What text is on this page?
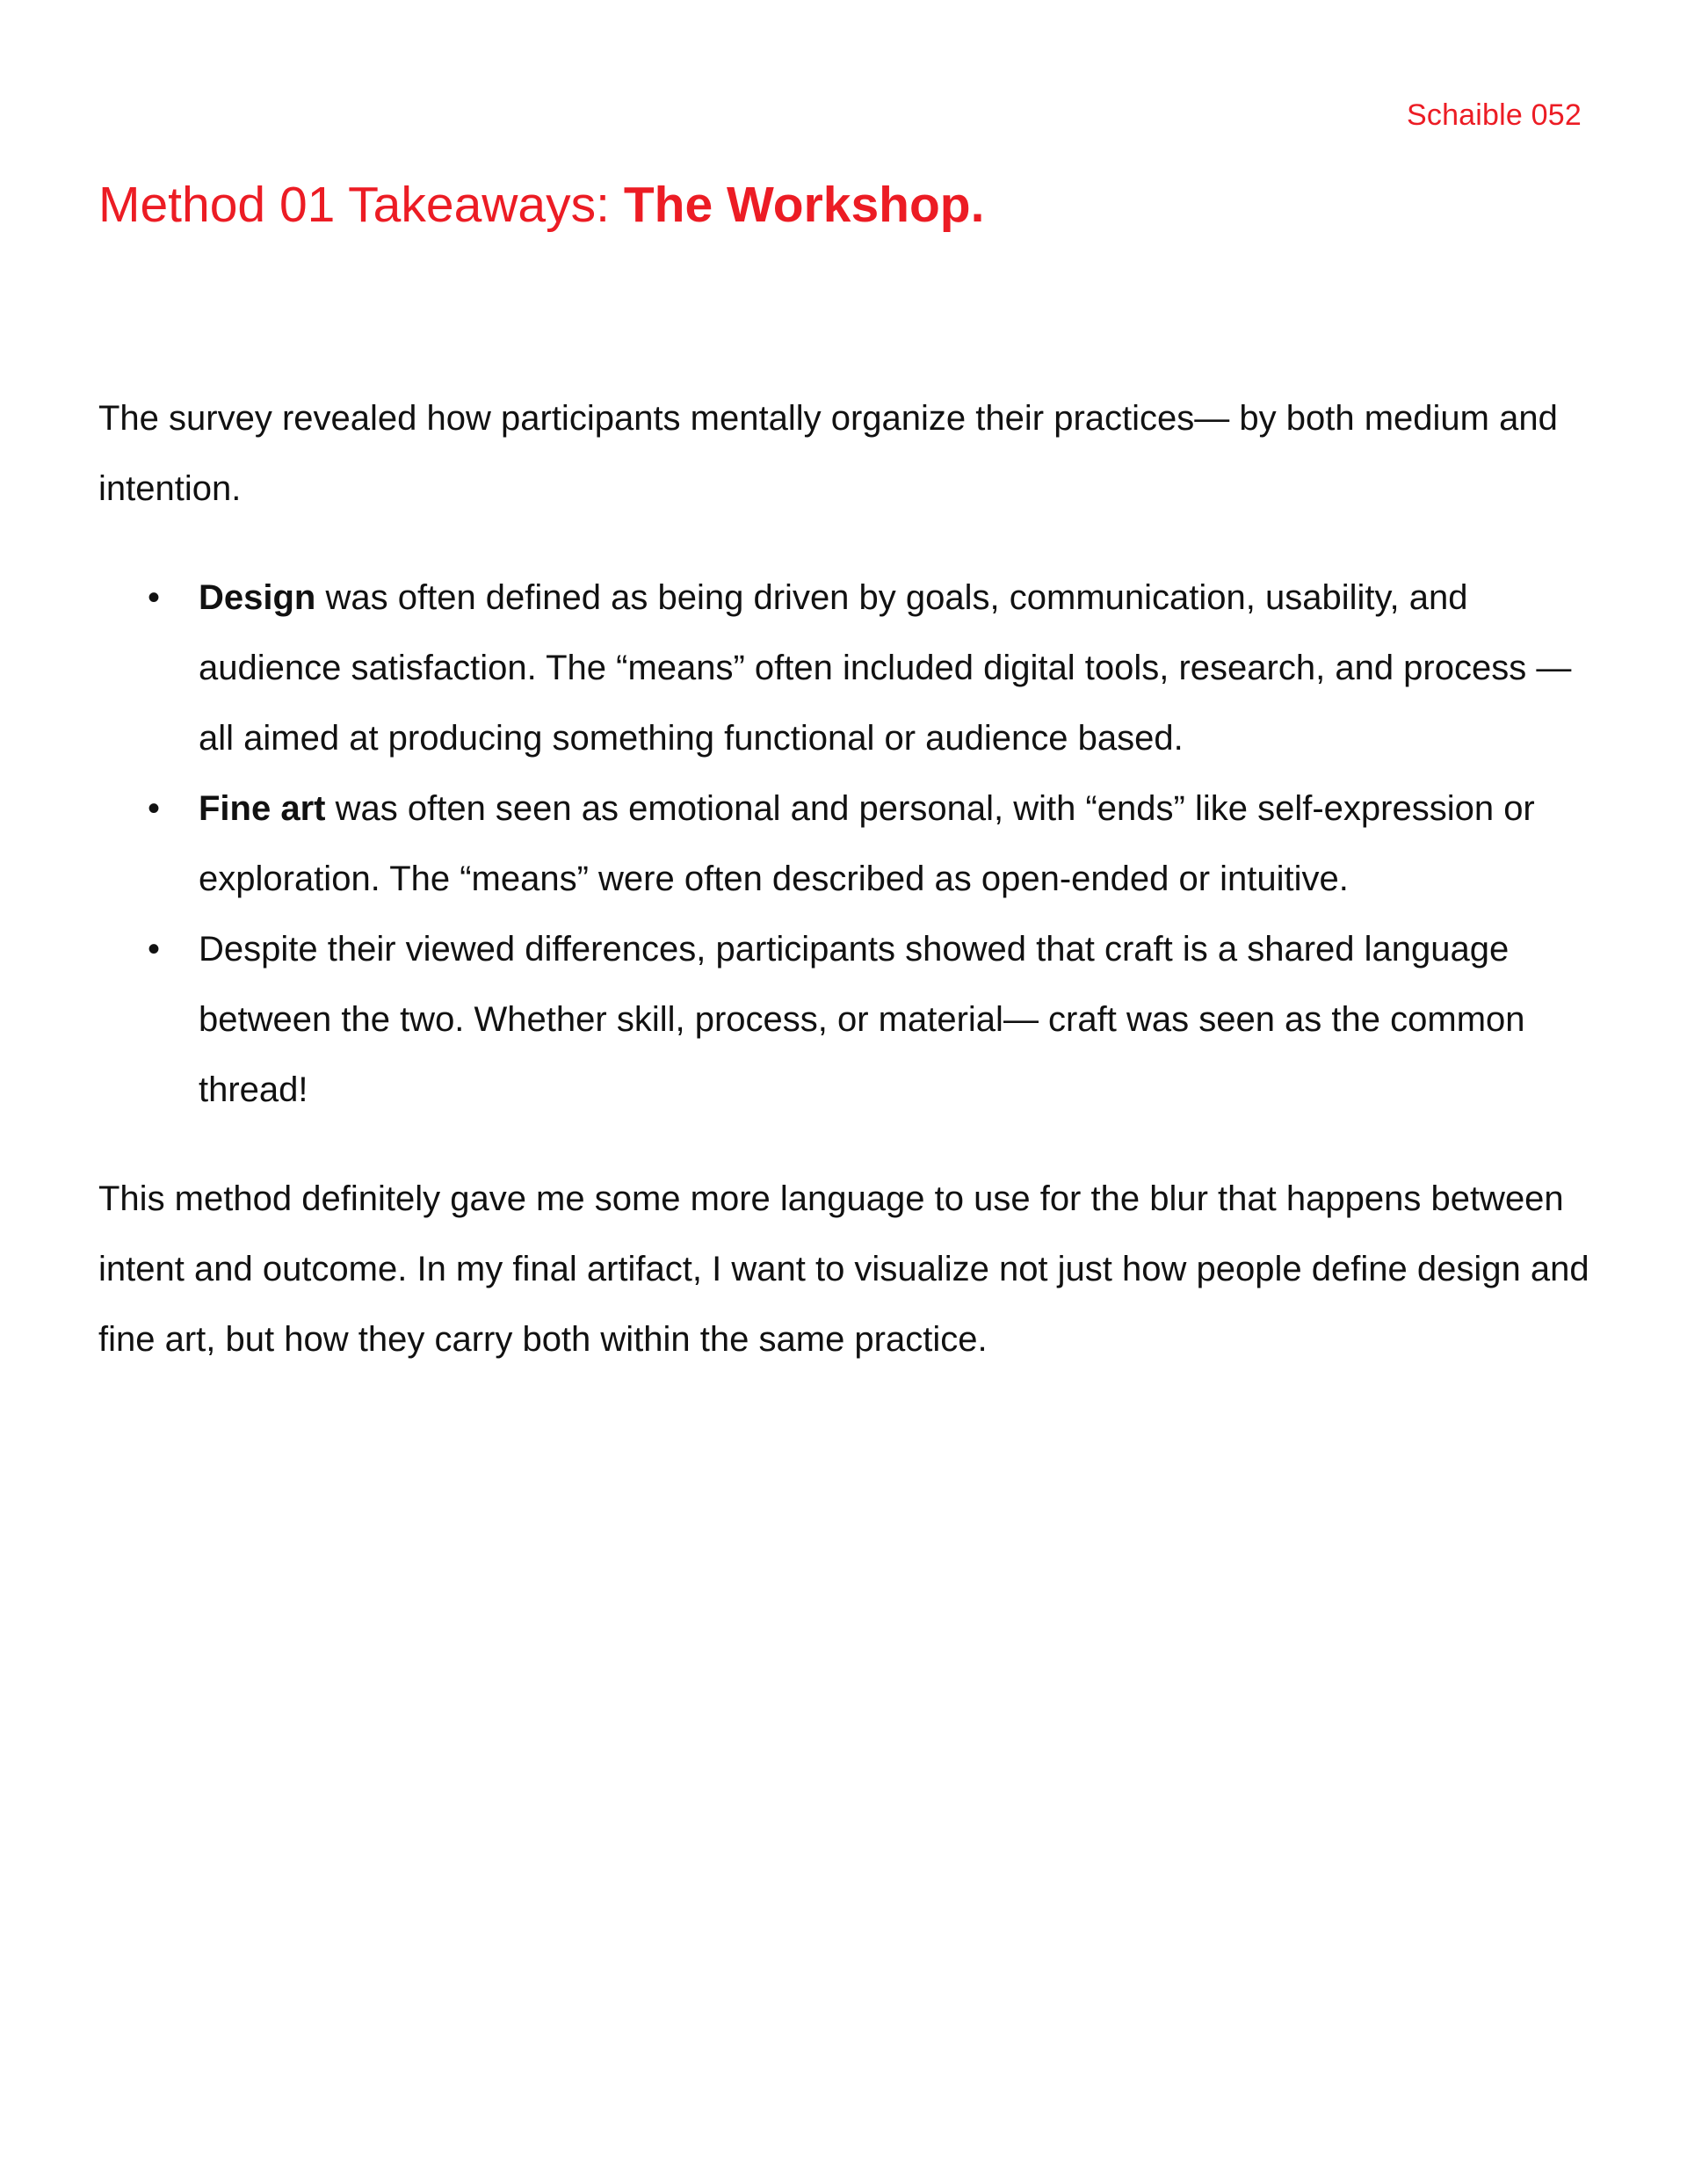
Schaible 052
Method 01 Takeaways: The Workshop.

The survey revealed how participants mentally organize their practices— by both medium and intention.

• Design was often defined as being driven by goals, communication, usability, and audience satisfaction. The “means” often included digital tools, research, and process — all aimed at producing something functional or audience based.
• Fine art was often seen as emotional and personal, with “ends” like self-expression or exploration. The “means” were often described as open-ended or intuitive.
• Despite their viewed differences, participants showed that craft is a shared language between the two. Whether skill, process, or material— craft was seen as the common thread!

This method definitely gave me some more language to use for the blur that happens between intent and outcome. In my final artifact, I want to visualize not just how people define design and fine art, but how they carry both within the same practice.
